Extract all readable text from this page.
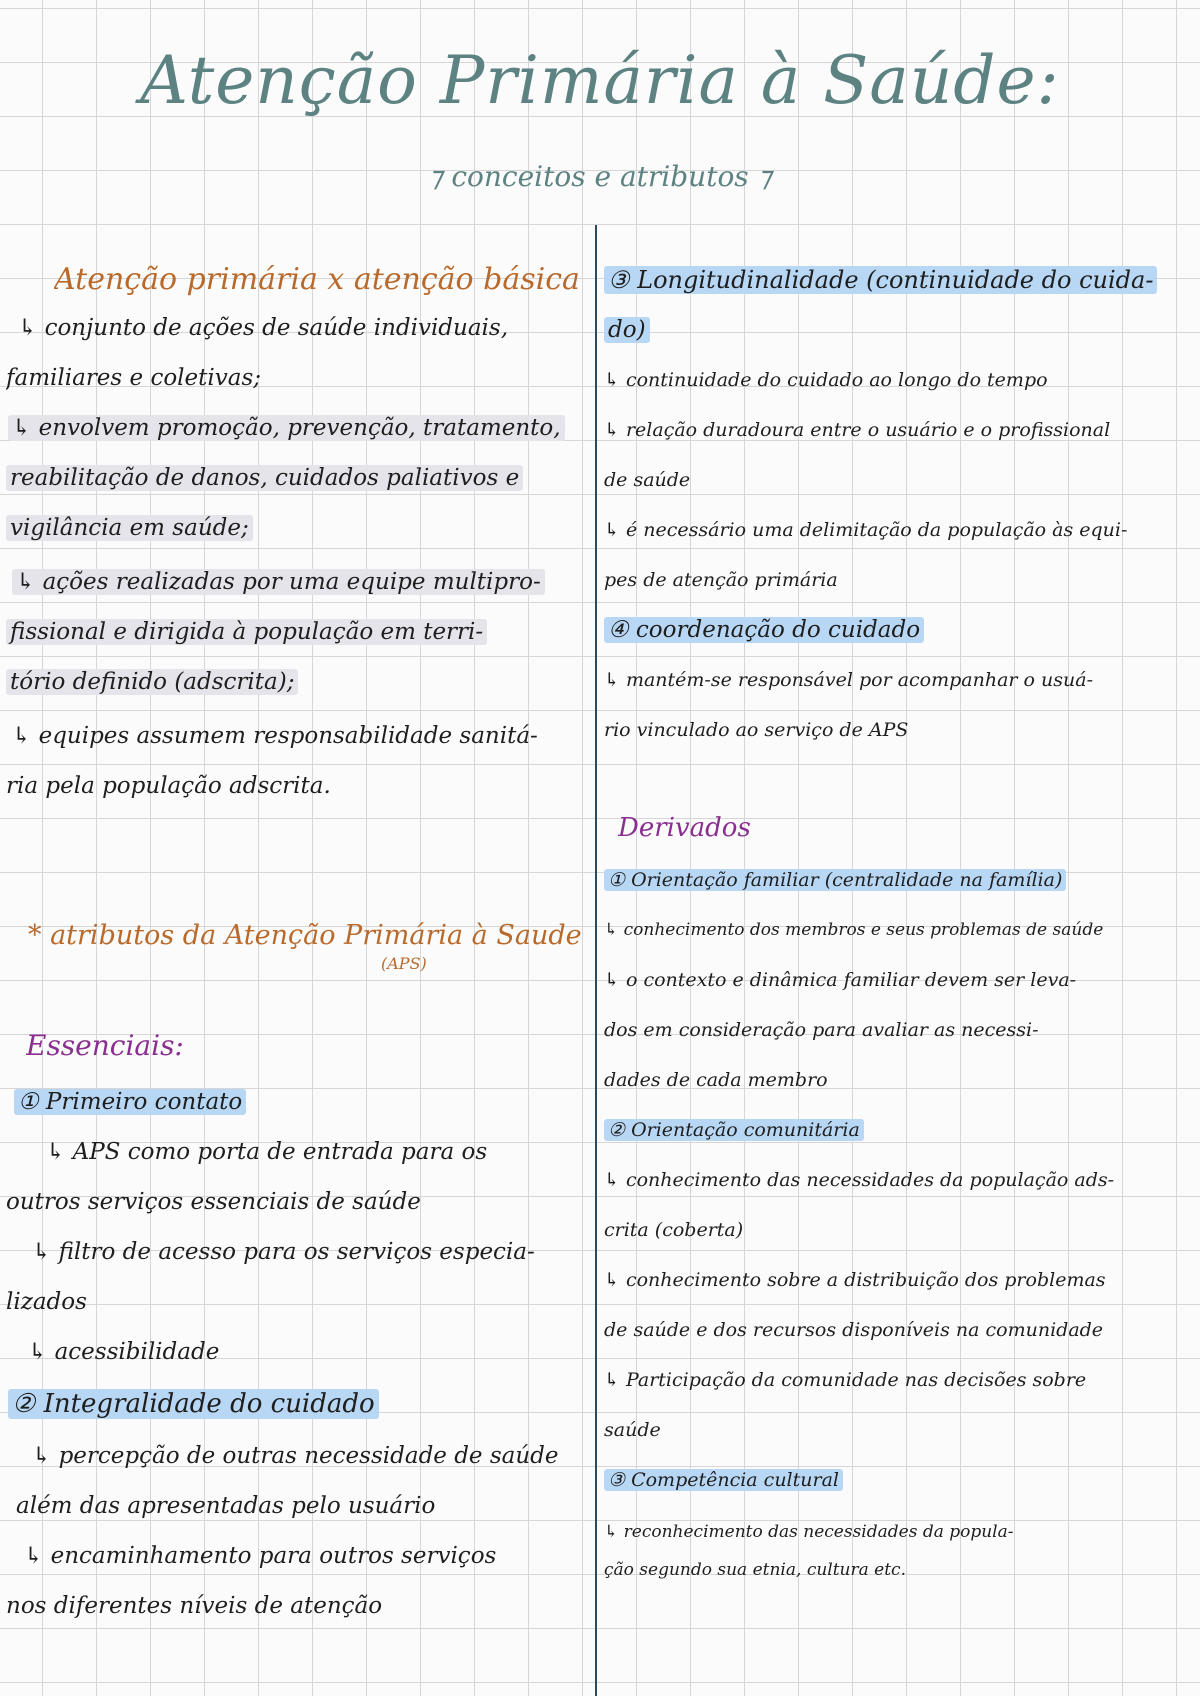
Atenção Primária à Saúde:
⁊ conceitos e atributos ⁊
Atenção primária x atenção básica
↳ conjunto de ações de saúde individuais,
familiares e coletivas;
↳ envolvem promoção, prevenção, tratamento,
reabilitação de danos, cuidados paliativos e
vigilância em saúde;
↳ ações realizadas por uma equipe multipro-
fissional e dirigida à população em terri-
tório definido (adscrita);
↳ equipes assumem responsabilidade sanitá-
ria pela população adscrita.
* atributos da Atenção Primária à Saude
(APS)
Essenciais:
① Primeiro contato
↳ APS como porta de entrada para os
outros serviços essenciais de saúde
↳ filtro de acesso para os serviços especia-
lizados
↳ acessibilidade
② Integralidade do cuidado
↳ percepção de outras necessidade de saúde
além das apresentadas pelo usuário
↳ encaminhamento para outros serviços
nos diferentes níveis de atenção
③ Longitudinalidade (continuidade do cuida-
do)
↳ continuidade do cuidado ao longo do tempo
↳ relação duradoura entre o usuário e o profissional
de saúde
↳ é necessário uma delimitação da população às equi-
pes de atenção primária
④ coordenação do cuidado
↳ mantém-se responsável por acompanhar o usuá-
rio vinculado ao serviço de APS
Derivados
① Orientação familiar (centralidade na família)
↳ conhecimento dos membros e seus problemas de saúde
↳ o contexto e dinâmica familiar devem ser leva-
dos em consideração para avaliar as necessi-
dades de cada membro
② Orientação comunitária
↳ conhecimento das necessidades da população ads-
crita (coberta)
↳ conhecimento sobre a distribuição dos problemas
de saúde e dos recursos disponíveis na comunidade
↳ Participação da comunidade nas decisões sobre
saúde
③ Competência cultural
↳ reconhecimento das necessidades da popula-
ção segundo sua etnia, cultura etc.
